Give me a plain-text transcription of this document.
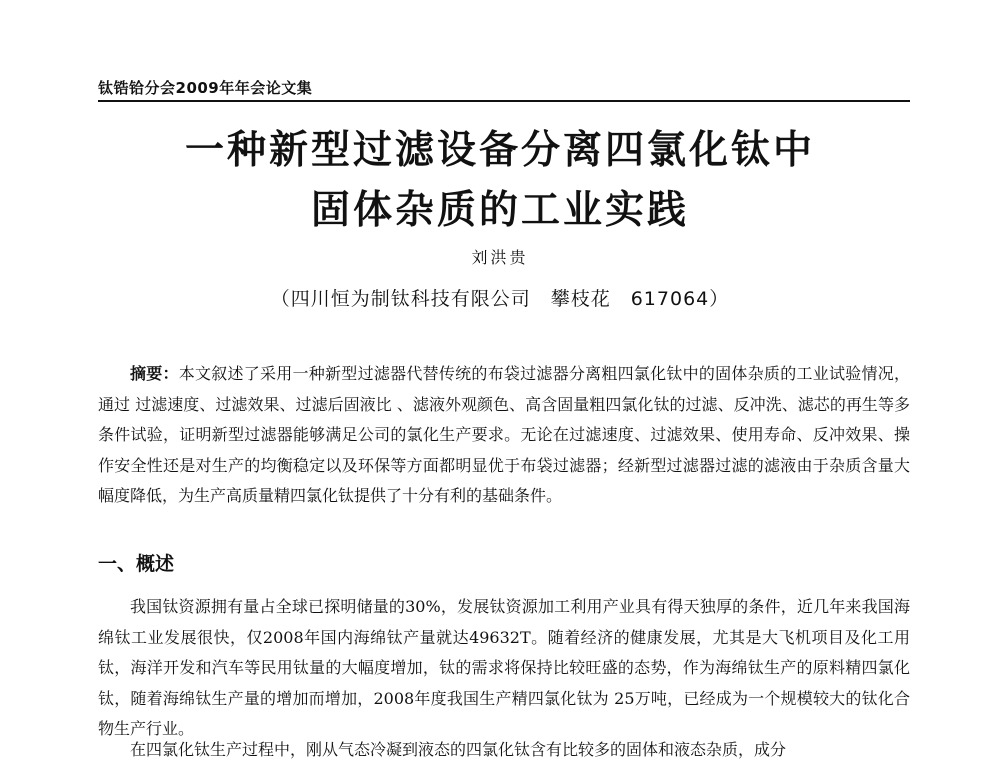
钛锆铪分会2009年年会论文集
一种新型过滤设备分离四氯化钛中
固体杂质的工业实践
刘洪贵
（四川恒为制钛科技有限公司　攀枝花　617064）

摘要：本文叙述了采用一种新型过滤器代替传统的布袋过滤器分离粗四氯化钛中的固体杂质的工业试验情况，通过 过滤速度、过滤效果、过滤后固液比 、滤液外观颜色、高含固量粗四氯化钛的过滤、反冲洗、滤芯的再生等多条件试验，证明新型过滤器能够满足公司的氯化生产要求。无论在过滤速度、过滤效果、使用寿命、反冲效果、操作安全性还是对生产的均衡稳定以及环保等方面都明显优于布袋过滤器；经新型过滤器过滤的滤液由于杂质含量大幅度降低，为生产高质量精四氯化钛提供了十分有利的基础条件。

一、概述

我国钛资源拥有量占全球已探明储量的30%，发展钛资源加工利用产业具有得天独厚的条件，近几年来我国海绵钛工业发展很快，仅2008年国内海绵钛产量就达49632T。随着经济的健康发展，尤其是大飞机项目及化工用钛，海洋开发和汽车等民用钛量的大幅度增加，钛的需求将保持比较旺盛的态势，作为海绵钛生产的原料精四氯化钛，随着海绵钛生产量的增加而增加，2008年度我国生产精四氯化钛为 25万吨，已经成为一个规模较大的钛化合物生产行业。

在四氯化钛生产过程中，刚从气态冷凝到液态的四氯化钛含有比较多的固体和液态杂质，成分
